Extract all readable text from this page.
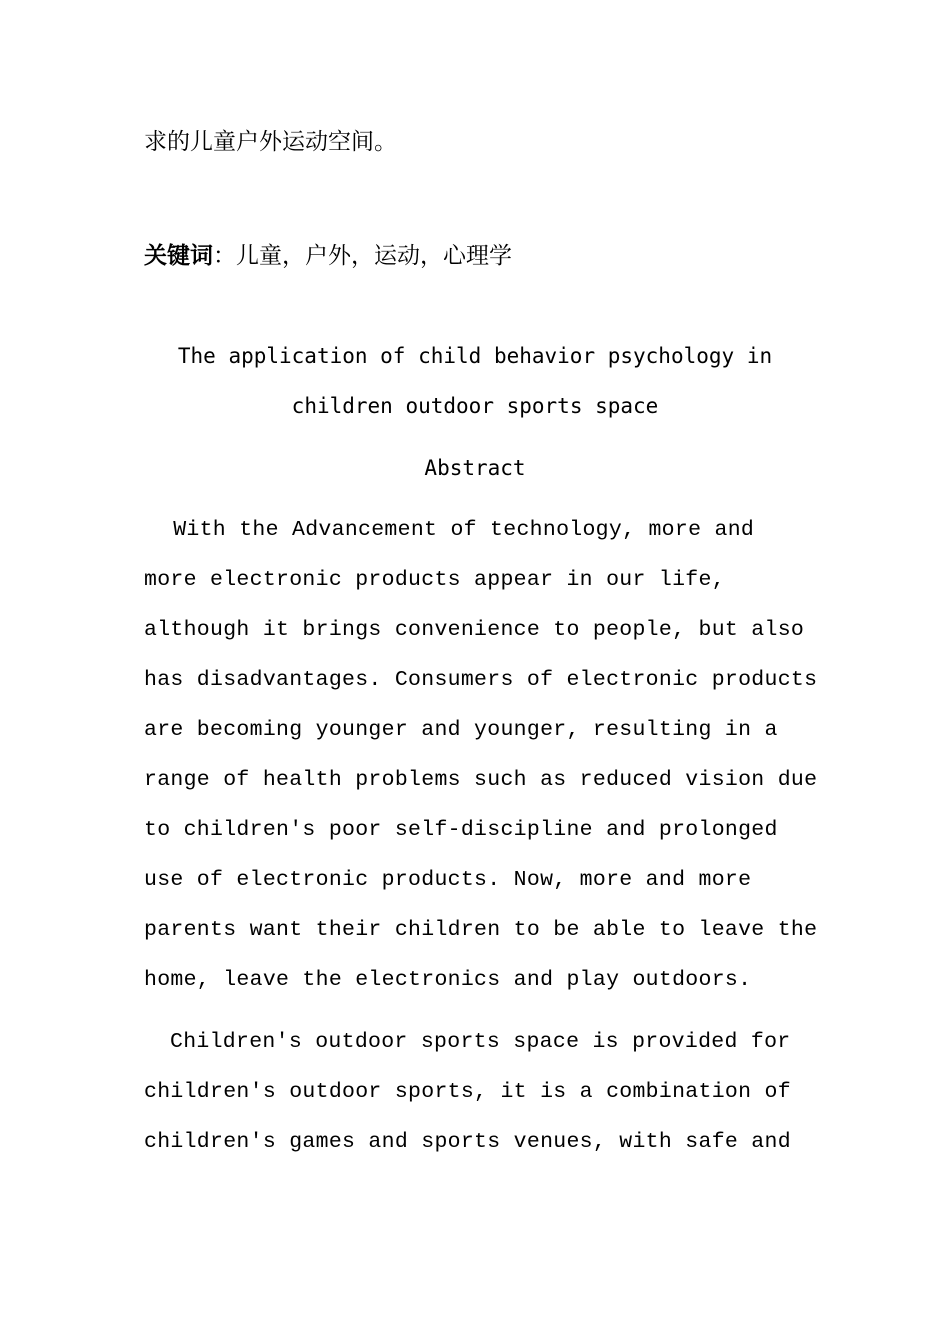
求的儿童户外运动空间。
关键词：儿童，户外，运动，心理学
The application of child behavior psychology in
children outdoor sports space
Abstract
With the Advancement of technology, more and
more electronic products appear in our life,
although it brings convenience to people, but also
has disadvantages. Consumers of electronic products
are becoming younger and younger, resulting in a
range of health problems such as reduced vision due
to children's poor self-discipline and prolonged
use of electronic products. Now, more and more
parents want their children to be able to leave the
home, leave the electronics and play outdoors.
Children's outdoor sports space is provided for
children's outdoor sports, it is a combination of
children's games and sports venues, with safe and
